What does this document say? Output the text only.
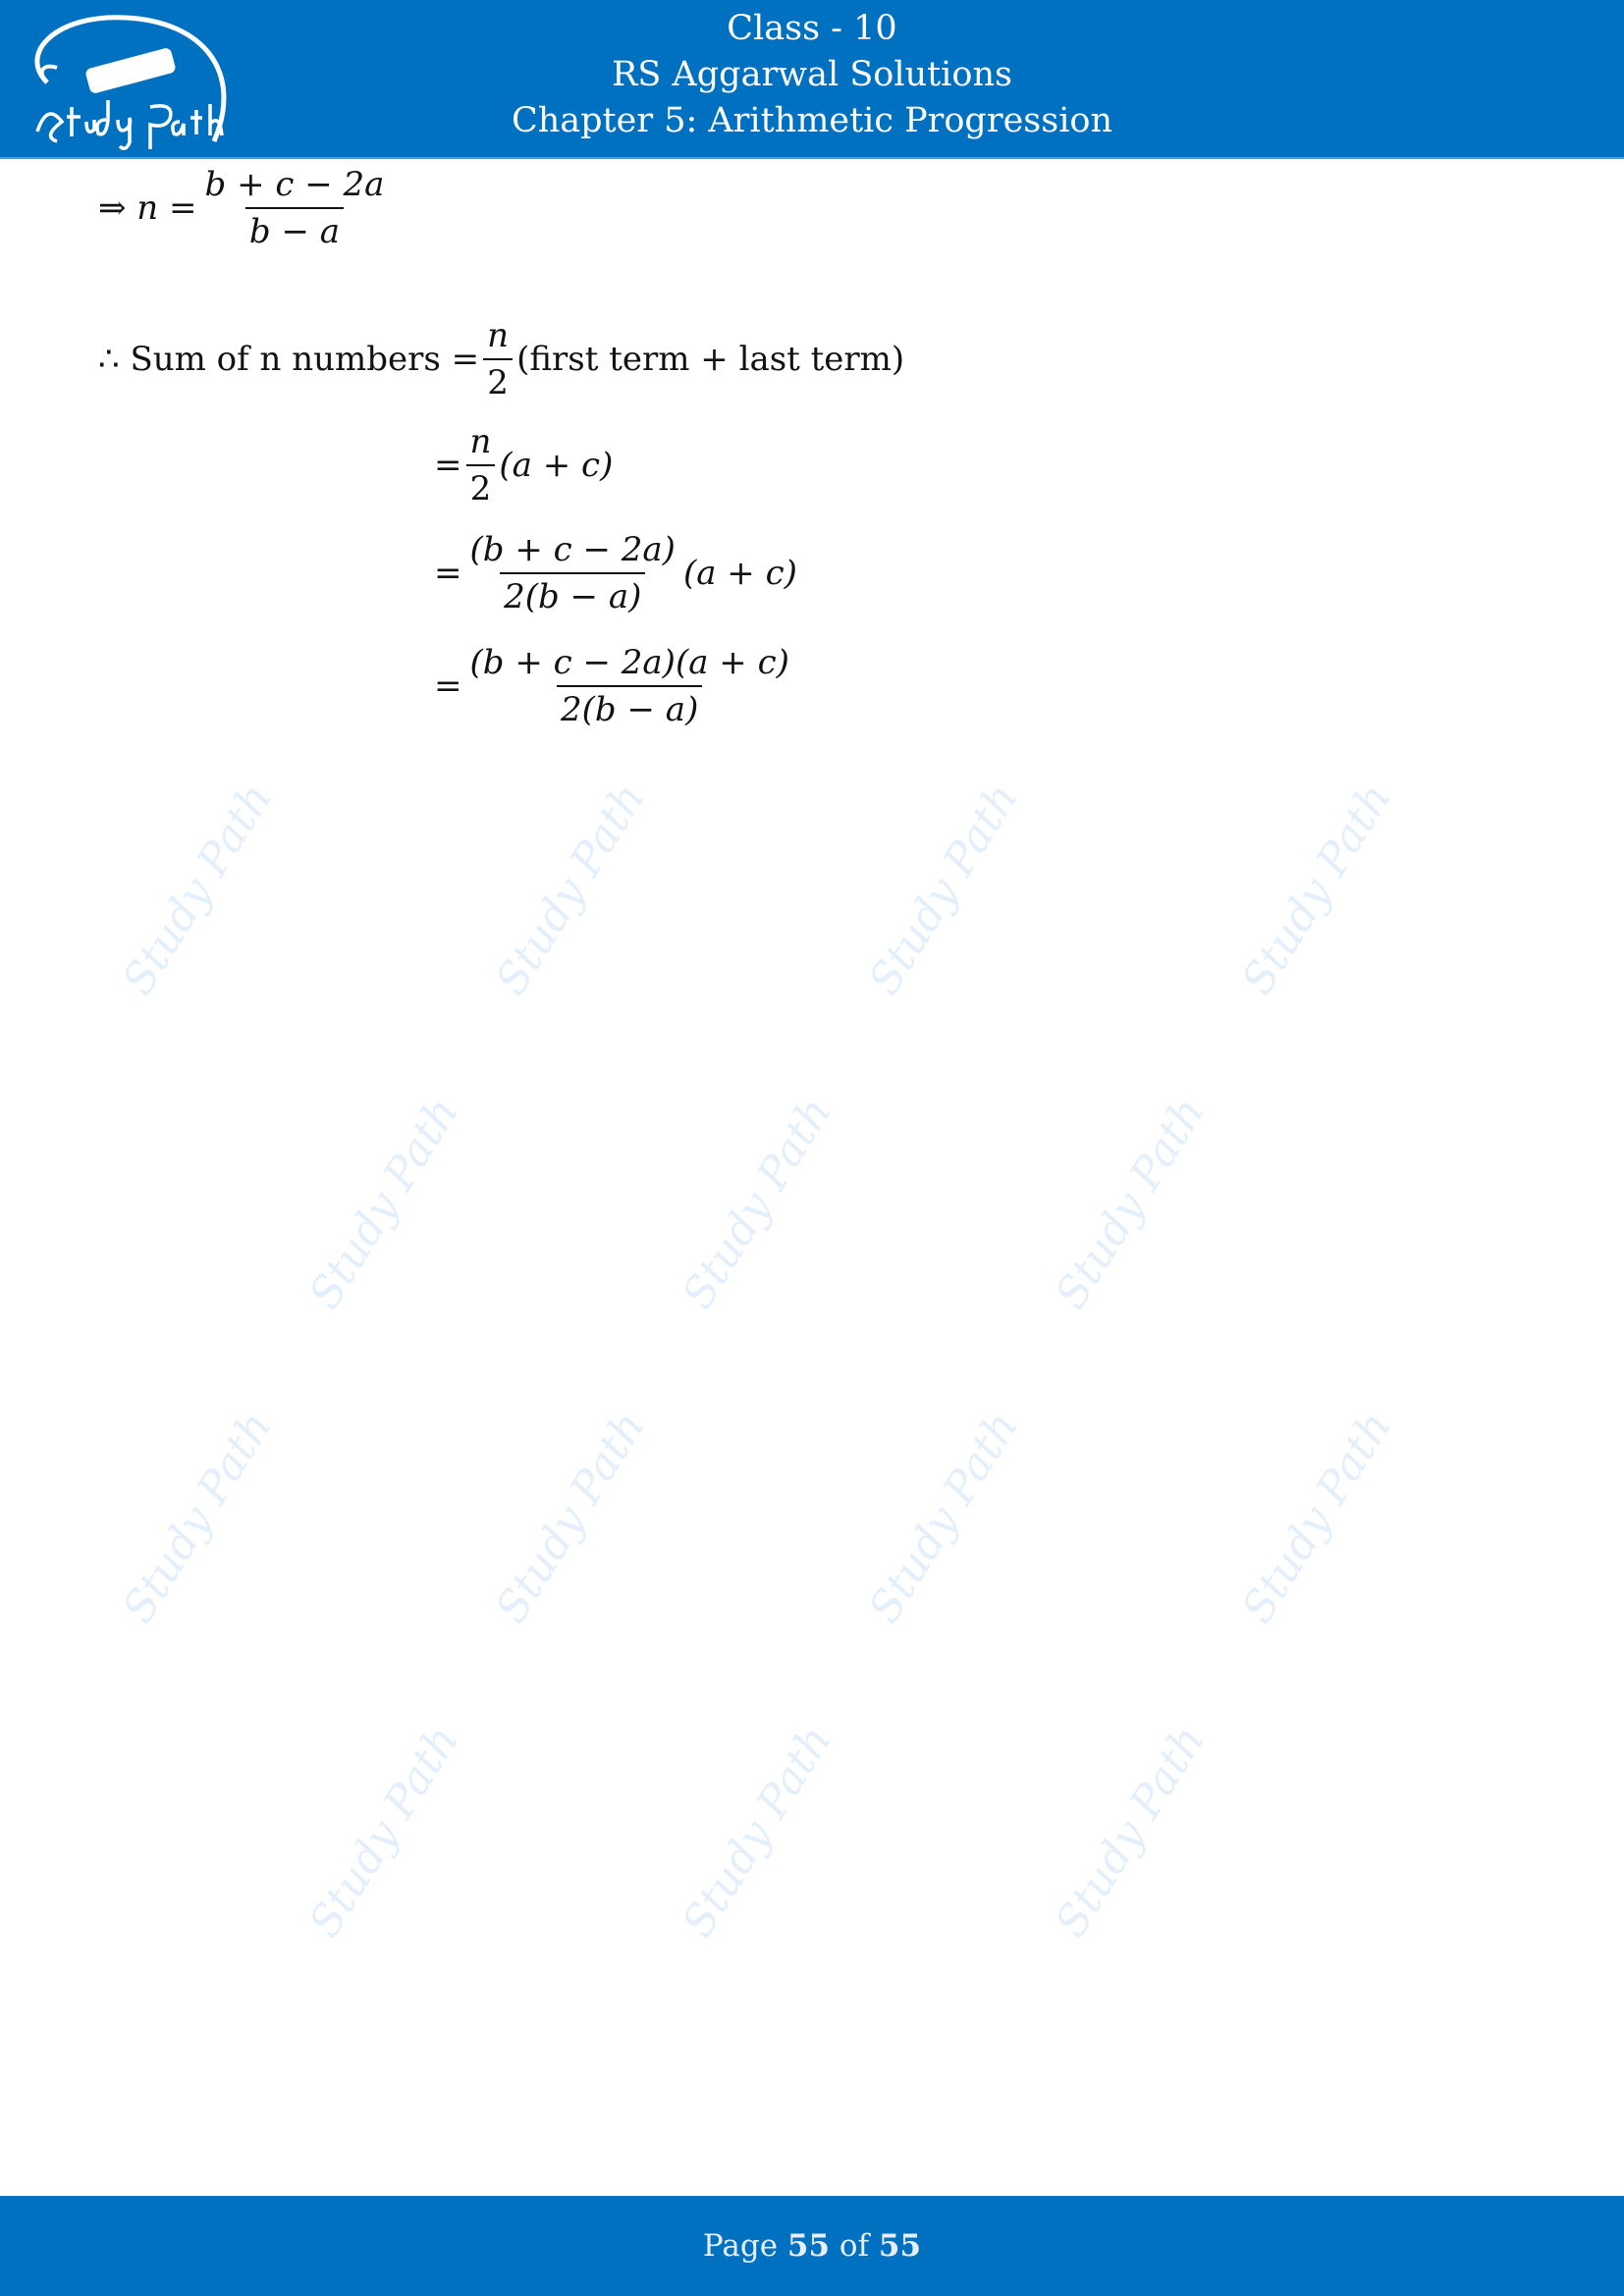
Class - 10
RS Aggarwal Solutions
Chapter 5: Arithmetic Progression
Study Path	Study Path	Study Path	Study Path
Study Path	Study Path	Study Path
Study Path	Study Path	Study Path	Study Path
Study Path	Study Path	Study Path
⇒ $n = \frac{b + c - 2a}{b - a}$
∴ Sum of n numbers = $\frac{n}{2}$ (first term + last term)
= $\frac{n}{2} (a + c)$
= $\frac{(b + c - 2a)}{2(b - a)} (a + c)$
= $\frac{(b + c - 2a)(a + c)}{2(b - a)}$
Page 55 of 55
